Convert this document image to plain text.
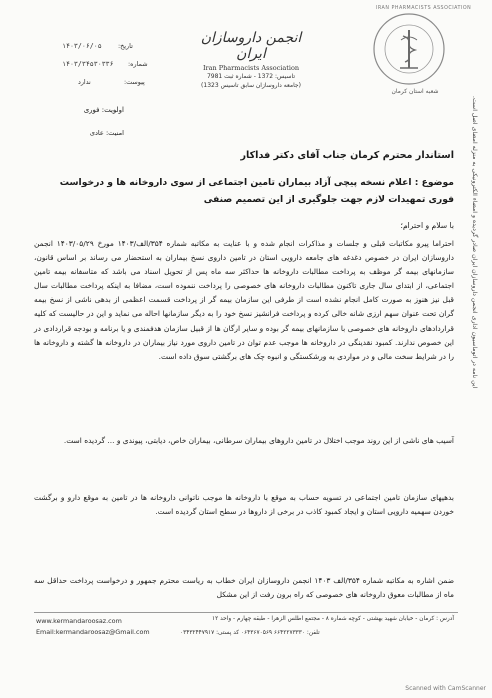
۱۴۰۳/۰۶/۰۵	تاریخ:
۱۴۰۳/۳۴۵۳۰۳۳۶ شماره:
ندارد	پیوست:
انجمن داروسازان ایران
Iran Pharmacists Association
تاسیس: 1372 - شماره ثبت 7981
(جامعه داروسازان سابق تاسیس 1323)
IRAN PHARMACISTS ASSOCIATION
شعبه استان کرمان
این نامه در اتوماسیون اداری انجمن داروسازان ایران صادر گردیده و امضاء الکترونیکی به منزله امضای اصل است.
اولویت: فوری
امنیت: عادی
استاندار محترم کرمان جناب آقای دکتر فداکار
موضوع : اعلام نسخه پیچی آزاد بیماران تامین اجتماعی از سوی داروخانه ها و درخواست فوری تمهیدات لازم جهت جلوگیری از این تصمیم صنفی
با سلام و احترام؛
احتراما پیرو مکاتبات قبلی و جلسات و مذاکرات انجام شده و با عنایت به مکاتبه شماره ۳۵۴/الف/۱۴۰۳ مورخ ۱۴۰۳/۰۵/۲۹ انجمن داروسازان ایران در خصوص دغدغه های جامعه دارویی استان در تامین داروی نسخ بیماران به استحضار می رساند بر اساس قانون، سازمانهای بیمه گر موظف به پرداخت مطالبات داروخانه ها حداکثر سه ماه پس از تحویل اسناد می باشد که متاسفانه بیمه تامین اجتماعی، از ابتدای سال جاری تاکنون مطالبات داروخانه های خصوصی را پرداخت ننموده است، مضافا به اینکه پرداخت مطالبات سال قبل نیز هنوز به صورت کامل انجام نشده است از طرفی این سازمان بیمه گر از پرداخت قسمت اعظمی از بدهی ناشی از نسخ بیمه گران تحت عنوان سهم ارزی شانه خالی کرده و پرداخت فرانشیز نسخ خود را به دیگر سازمانها احاله می نماید و این در حالیست که کلیه قراردادهای داروخانه های خصوصی با سازمانهای بیمه گر بوده و سایر ارگان ها از قبیل سازمان هدفمندی و یا برنامه و بودجه قراردادی در این خصوص ندارند. کمبود نقدینگی در داروخانه ها موجب عدم توان در تامین داروی مورد نیاز بیماران در داروخانه ها گشته و داروخانه ها را در شرایط سخت مالی و در مواردی به ورشکستگی و انبوه چک های برگشتی سوق داده است.
آسیب های ناشی از این روند موجب اختلال در تامین داروهای بیماران سرطانی، بیماران خاص، دیابتی، پیوندی و ... گردیده است.
بدهیهای سازمان تامین اجتماعی در تسویه حساب به موقع با داروخانه ها موجب ناتوانی داروخانه ها در تامین به موقع دارو و برگشت خوردن سهمیه دارویی استان و ایجاد کمبود کاذب در برخی از داروها در سطح استان گردیده است.
ضمن اشاره به مکاتبه شماره ۳۵۴/الف ۱۴۰۳ انجمن داروسازان ایران خطاب به ریاست محترم جمهور و درخواست پرداخت حداقل سه ماه از مطالبات معوق داروخانه های خصوصی که راه برون رفت از این مشکل
www.kermandaroosaz.com
Email:kermandaroosaz@Gmail.com
آدرس : کرمان - خیابان شهید بهشتی - کوچه شماره ۸ - مجتمع اطلس الزهرا - طبقه چهارم - واحد ۱۲
تلفن: ۶۶۴۲۲۷۳۳۳۰ ۰۶۴۳۶۷۰۵۶۹ کد پستی: ۰۳۴۳۲۴۴۷۹۱۷
Scanned with CamScanner
